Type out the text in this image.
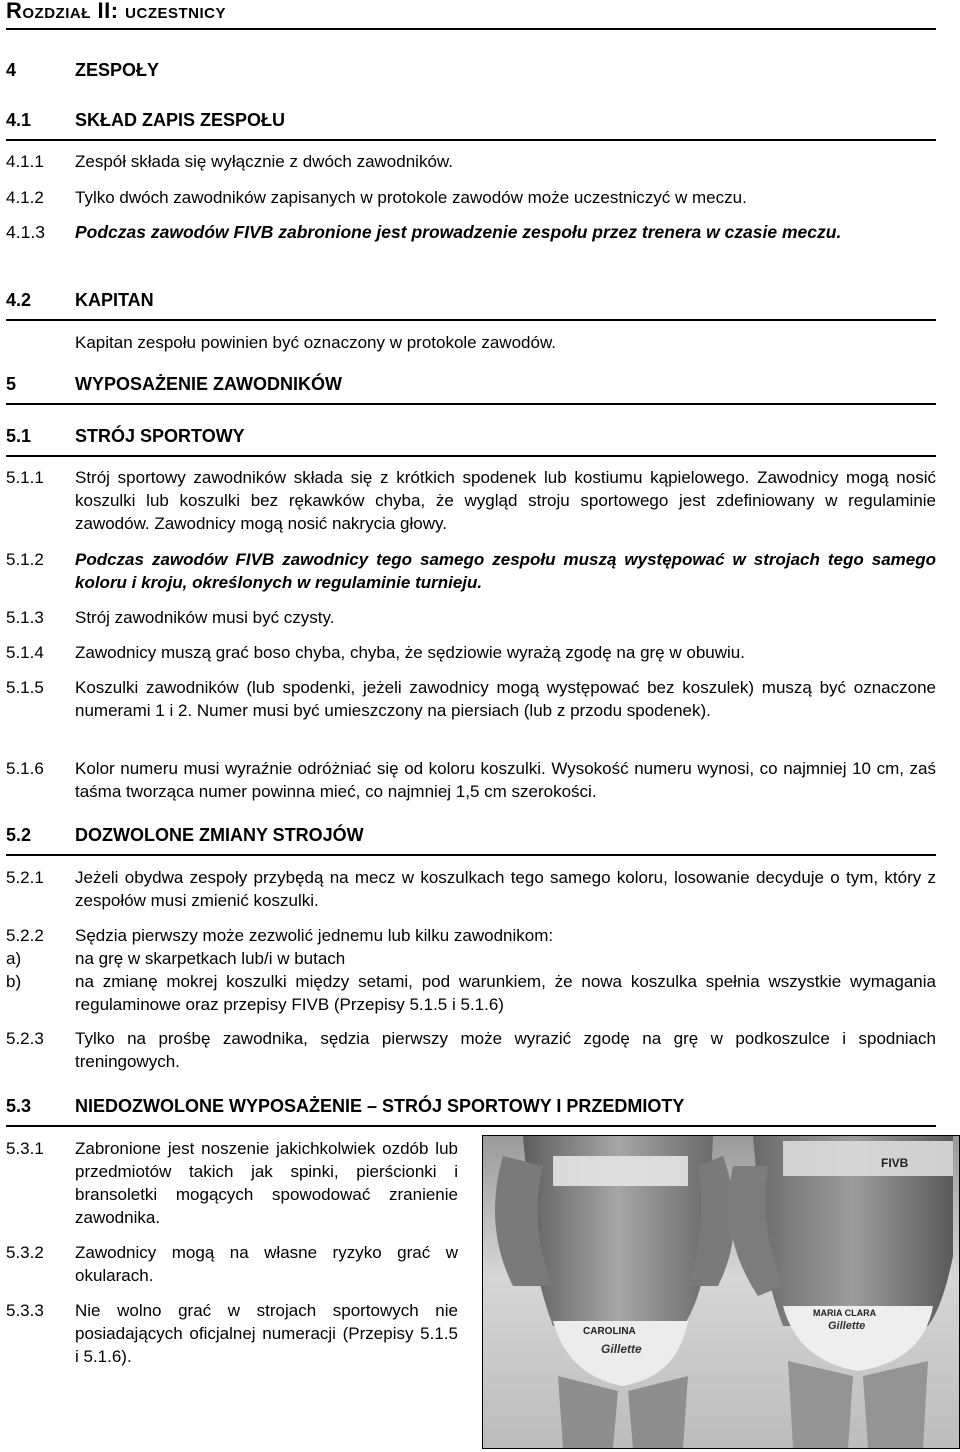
Rozdział II: uczestnicy
4	ZESPOŁY
4.1 SKŁAD ZAPIS ZESPOŁU
4.1.1 Zespół składa się wyłącznie z dwóch zawodników.
4.1.2 Tylko dwóch zawodników zapisanych w protokole zawodów może uczestniczyć w meczu.
4.1.3 Podczas zawodów FIVB zabronione jest prowadzenie zespołu przez trenera w czasie meczu.
4.2 KAPITAN
Kapitan zespołu powinien być oznaczony w protokole zawodów.
5	WYPOSAŻENIE ZAWODNIKÓW
5.1 STRÓJ SPORTOWY
5.1.1 Strój sportowy zawodników składa się z krótkich spodenek lub kostiumu kąpielowego. Zawodnicy mogą nosić koszulki lub koszulki bez rękawków chyba, że wygląd stroju sportowego jest zdefiniowany w regulaminie zawodów. Zawodnicy mogą nosić nakrycia głowy.
5.1.2 Podczas zawodów FIVB zawodnicy tego samego zespołu muszą występować w strojach tego samego koloru i kroju, określonych w regulaminie turnieju.
5.1.3 Strój zawodników musi być czysty.
5.1.4 Zawodnicy muszą grać boso chyba, chyba, że sędziowie wyrażą zgodę na grę w obuwiu.
5.1.5 Koszulki zawodników (lub spodenki, jeżeli zawodnicy mogą występować bez koszulek) muszą być oznaczone numerami 1 i 2. Numer musi być umieszczony na piersiach (lub z przodu spodenek).
5.1.6 Kolor numeru musi wyraźnie odróżniać się od koloru koszulki. Wysokość numeru wynosi, co najmniej 10 cm, zaś taśma tworząca numer powinna mieć, co najmniej 1,5 cm szerokości.
5.2 DOZWOLONE ZMIANY STROJÓW
5.2.1 Jeżeli obydwa zespoły przybędą na mecz w koszulkach tego samego koloru, losowanie decyduje o tym, który z zespołów musi zmienić koszulki.
5.2.2 Sędzia pierwszy może zezwolić jednemu lub kilku zawodnikom:
a)	na grę w skarpetkach lub/i w butach
b)	na zmianę mokrej koszulki między setami, pod warunkiem, że nowa koszulka spełnia wszystkie wymagania regulaminowe oraz przepisy FIVB (Przepisy 5.1.5 i 5.1.6)
5.2.3 Tylko na prośbę zawodnika, sędzia pierwszy może wyrazić zgodę na grę w podkoszulce i spodniach treningowych.
5.3 NIEDOZWOLONE WYPOSAŻENIE – STRÓJ SPORTOWY I PRZEDMIOTY
5.3.1 Zabronione jest noszenie jakichkolwiek ozdób lub przedmiotów takich jak spinki, pierścionki i bransoletki mogących spowodować zranienie zawodnika.
5.3.2 Zawodnicy mogą na własne ryzyko grać w okularach.
5.3.3 Nie wolno grać w strojach sportowych nie posiadających oficjalnej numeracji (Przepisy 5.1.5 i 5.1.6).
FIVB
CAROLINA
MARIA CLARA
Gillette
Gillette
